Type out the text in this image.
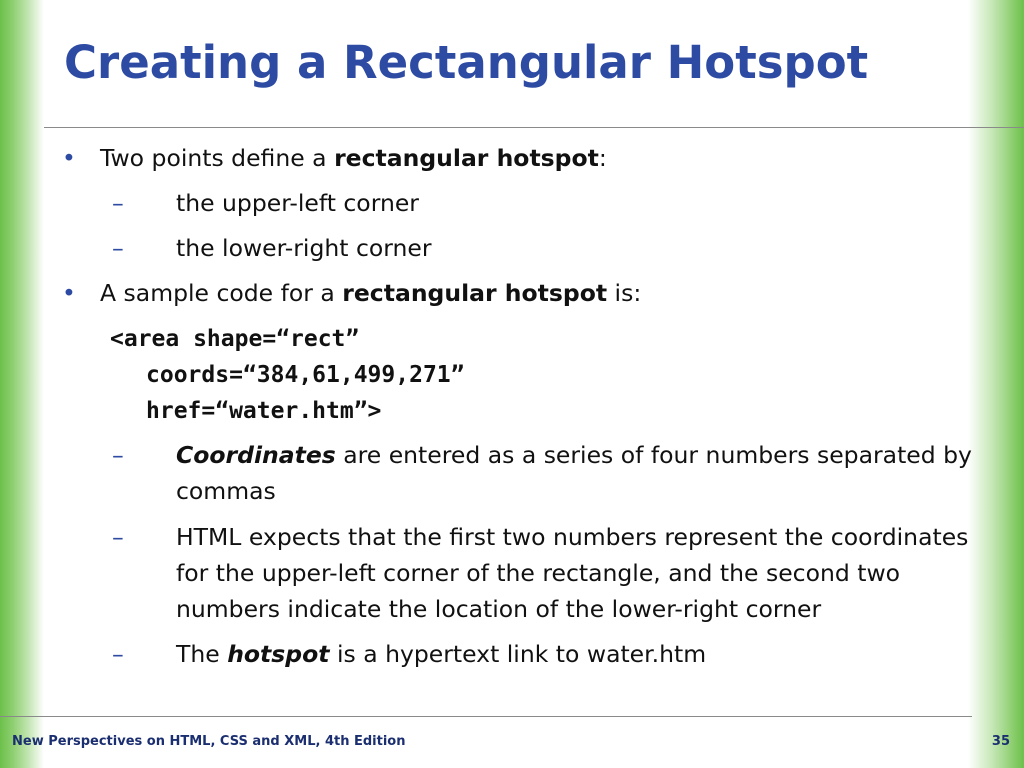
Creating a Rectangular Hotspot
• Two points define a rectangular hotspot:
– the upper-left corner
– the lower-right corner
• A sample code for a rectangular hotspot is:
<area shape=“rect”
coords=“384,61,499,271”
href=“water.htm”>
– Coordinates are entered as a series of four numbers separated by commas
– HTML expects that the first two numbers represent the coordinates for the upper-left corner of the rectangle, and the second two numbers indicate the location of the lower-right corner
– The hotspot is a hypertext link to water.htm
New Perspectives on HTML, CSS and XML, 4th Edition	35
